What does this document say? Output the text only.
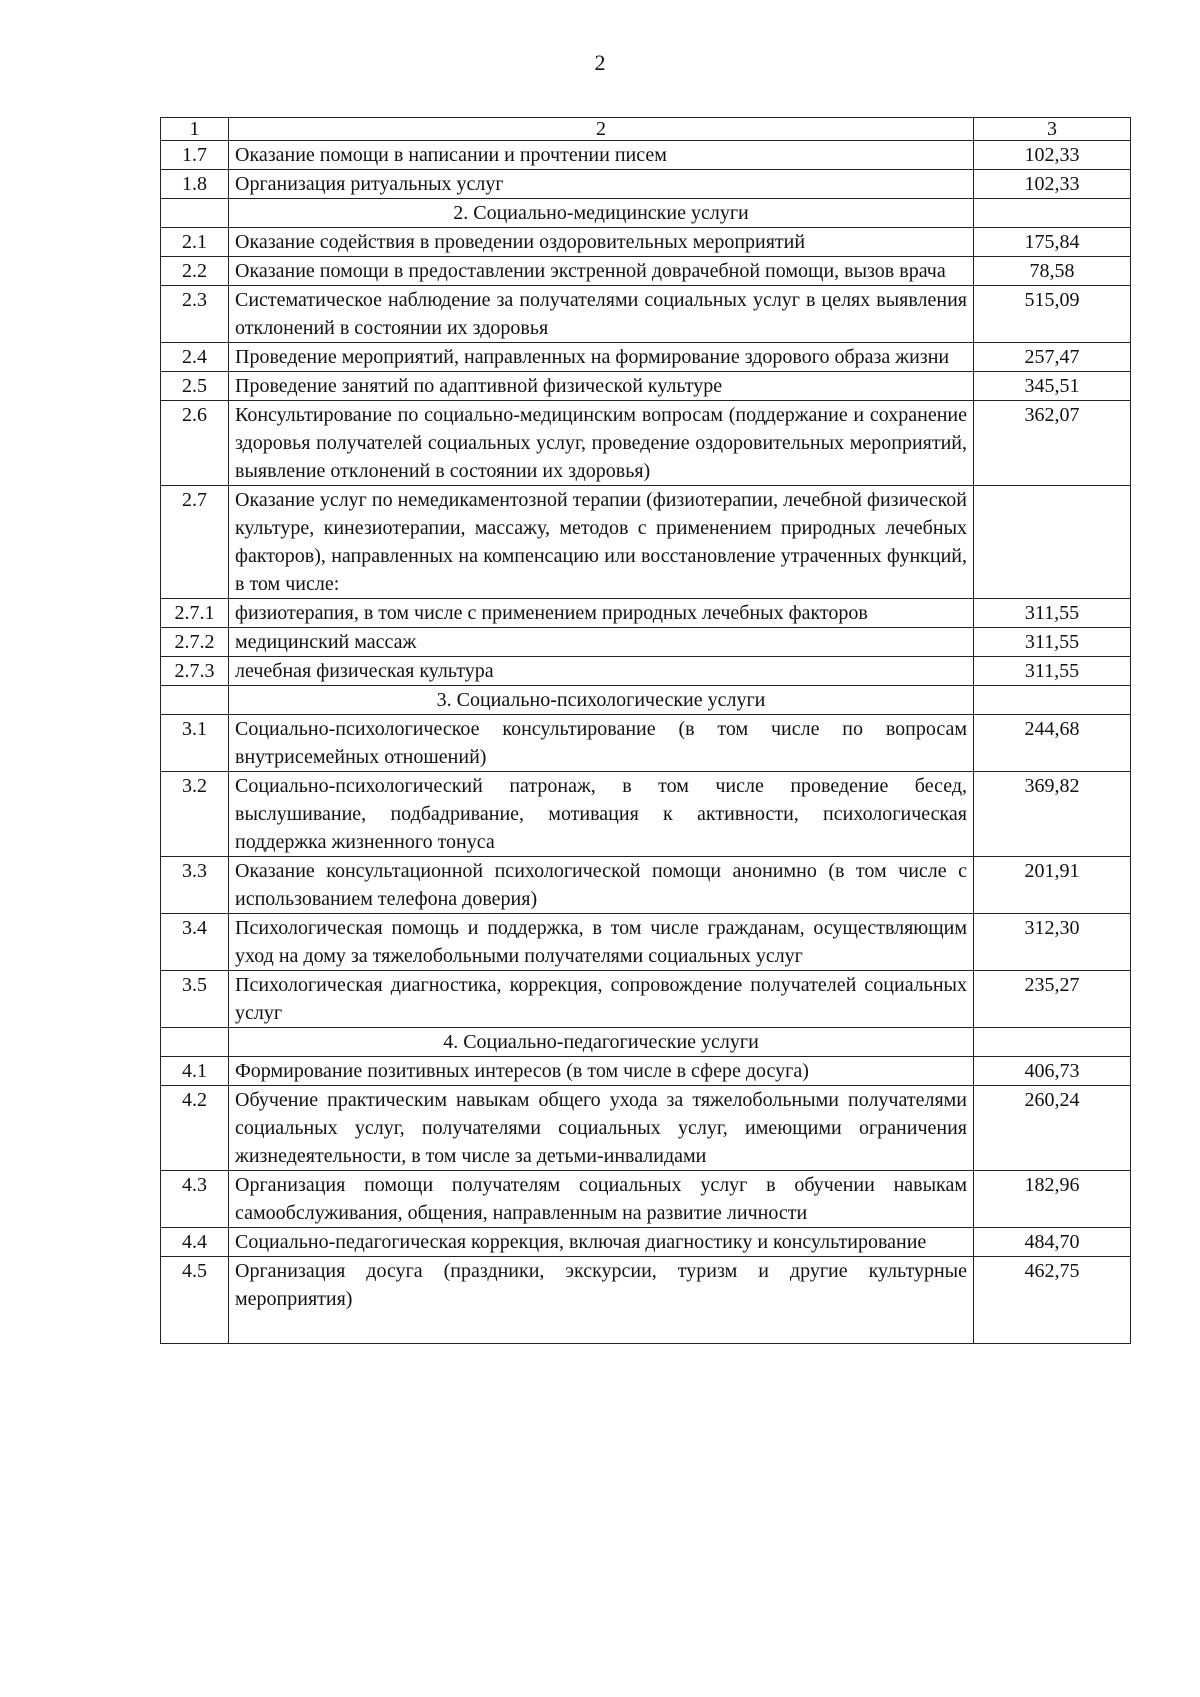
2
1	2	3
1.7	Оказание помощи в написании и прочтении писем	102,33
1.8	Организация ритуальных услуг	102,33
	2. Социально-медицинские услуги	
2.1	Оказание содействия в проведении оздоровительных мероприятий	175,84
2.2	Оказание помощи в предоставлении экстренной доврачебной помощи, вызов врача	78,58
2.3	Систематическое наблюдение за получателями социальных услуг в целях выявления отклонений в состоянии их здоровья	515,09
2.4	Проведение мероприятий, направленных на формирование здорового образа жизни	257,47
2.5	Проведение занятий по адаптивной физической культуре	345,51
2.6	Консультирование по социально-медицинским вопросам (поддержание и сохранение здоровья получателей социальных услуг, проведение оздоровительных мероприятий, выявление отклонений в состоянии их здоровья)	362,07
2.7	Оказание услуг по немедикаментозной терапии (физиотерапии, лечебной физической культуре, кинезиотерапии, массажу, методов с применением природных лечебных факторов), направленных на компенсацию или восстановление утраченных функций, в том числе:	
2.7.1	физиотерапия, в том числе с применением природных лечебных факторов	311,55
2.7.2	медицинский массаж	311,55
2.7.3	лечебная физическая культура	311,55
	3. Социально-психологические услуги	
3.1	Социально-психологическое консультирование (в том числе по вопросам внутрисемейных отношений)	244,68
3.2	Социально-психологический патронаж, в том числе проведение бесед, выслушивание, подбадривание, мотивация к активности, психологическая поддержка жизненного тонуса	369,82
3.3	Оказание консультационной психологической помощи анонимно (в том числе с использованием телефона доверия)	201,91
3.4	Психологическая помощь и поддержка, в том числе гражданам, осуществляющим уход на дому за тяжелобольными получателями социальных услуг	312,30
3.5	Психологическая диагностика, коррекция, сопровождение получателей социальных услуг	235,27
	4. Социально-педагогические услуги	
4.1	Формирование позитивных интересов (в том числе в сфере досуга)	406,73
4.2	Обучение практическим навыкам общего ухода за тяжелобольными получателями социальных услуг, получателями социальных услуг, имеющими ограничения жизнедеятельности, в том числе за детьми-инвалидами	260,24
4.3	Организация помощи получателям социальных услуг в обучении навыкам самообслуживания, общения, направленным на развитие личности	182,96
4.4	Социально-педагогическая коррекция, включая диагностику и консультирование	484,70
4.5	Организация досуга (праздники, экскурсии, туризм и другие культурные мероприятия)	462,75
